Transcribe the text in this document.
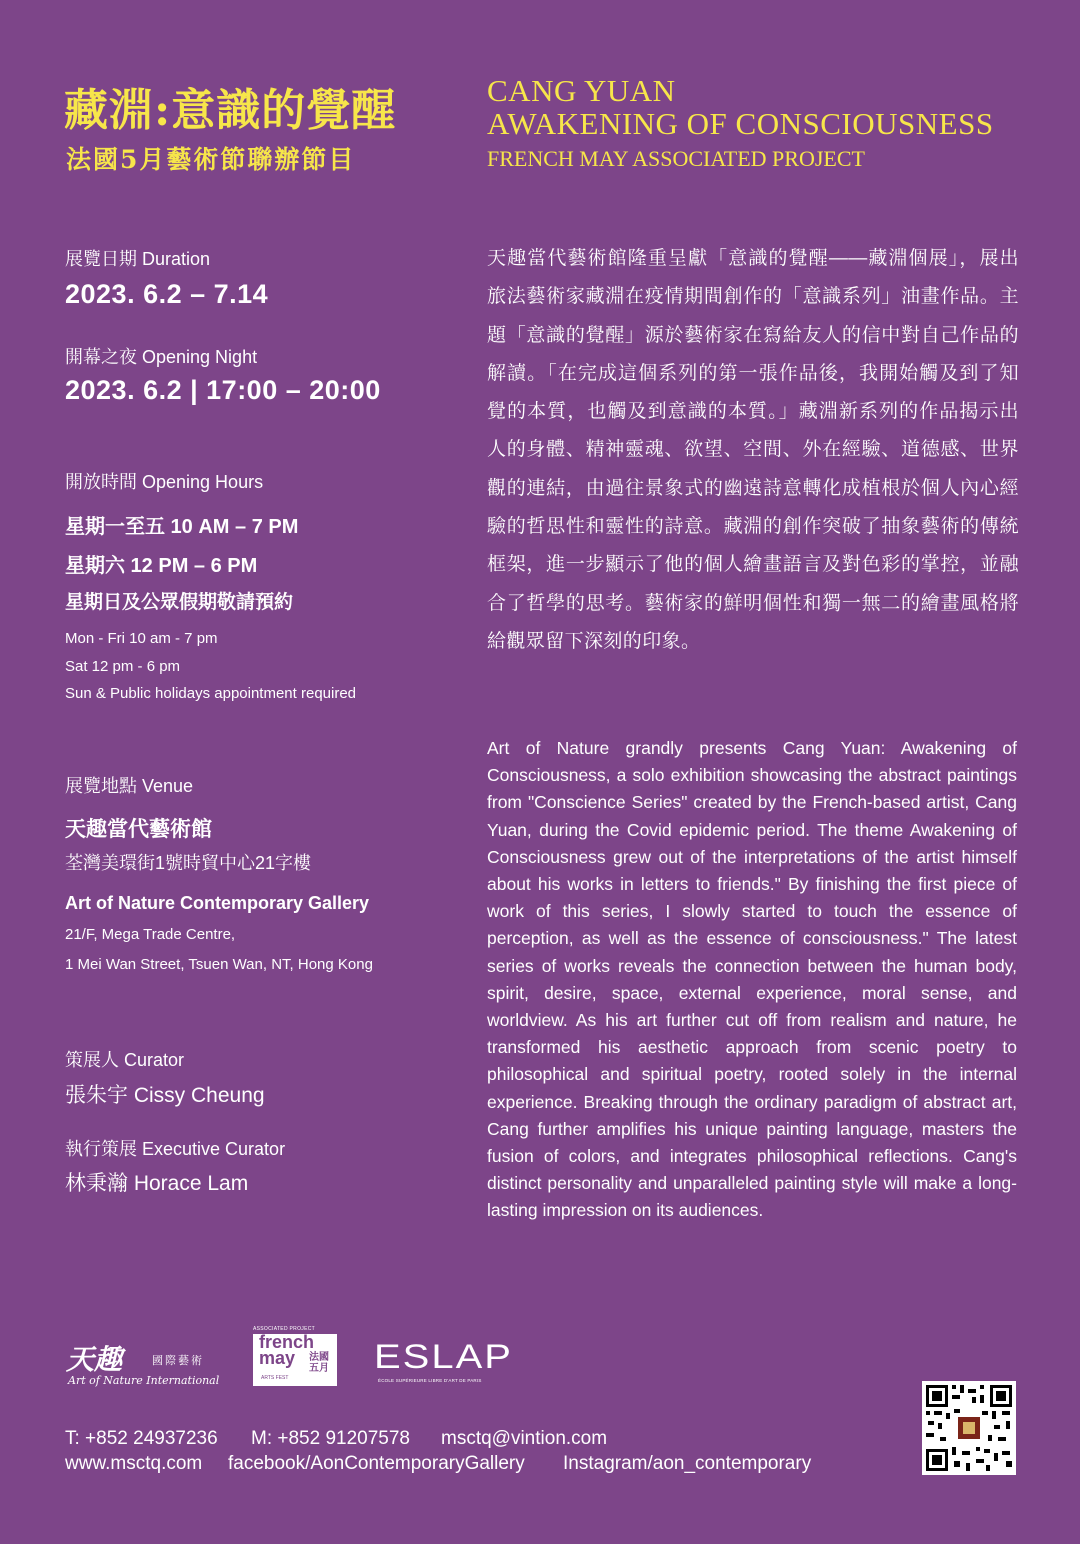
藏淵:意識的覺醒
法國5月藝術節聯辦節目
CANG YUAN
AWAKENING OF CONSCIOUSNESS
FRENCH MAY ASSOCIATED PROJECT
展覽日期 Duration
2023. 6.2 – 7.14
開幕之夜 Opening Night
2023. 6.2 | 17:00 – 20:00
開放時間 Opening Hours
星期一至五 10 AM – 7 PM
星期六 12 PM – 6 PM
星期日及公眾假期敬請預約
Mon - Fri 10 am - 7 pm
Sat 12 pm - 6 pm
Sun & Public holidays appointment required
展覽地點 Venue
天趣當代藝術館
荃灣美環街1號時貿中心21字樓
Art of Nature Contemporary Gallery
21/F, Mega Trade Centre,
1 Mei Wan Street, Tsuen Wan, NT, Hong Kong
策展人 Curator
張朱宇 Cissy Cheung
執行策展 Executive Curator
林秉瀚 Horace Lam
天趣當代藝術館隆重呈獻「意識的覺醒——藏淵個展」，展出旅法藝術家藏淵在疫情期間創作的「意識系列」油畫作品。主題「意識的覺醒」源於藝術家在寫給友人的信中對自己作品的解讀。「在完成這個系列的第一張作品後，我開始觸及到了知覺的本質，也觸及到意識的本質。」藏淵新系列的作品揭示出人的身體、精神靈魂、欲望、空間、外在經驗、道德感、世界觀的連結，由過往景象式的幽遠詩意轉化成植根於個人內心經驗的哲思性和靈性的詩意。藏淵的創作突破了抽象藝術的傳統框架，進一步顯示了他的個人繪畫語言及對色彩的掌控，並融合了哲學的思考。藝術家的鮮明個性和獨一無二的繪畫風格將給觀眾留下深刻的印象。
Art of Nature grandly presents Cang Yuan: Awakening of Consciousness, a solo exhibition showcasing the abstract paintings from "Conscience Series" created by the French-based artist, Cang Yuan, during the Covid epidemic period. The theme Awakening of Consciousness grew out of the interpretations of the artist himself about his works in letters to friends." By finishing the first piece of work of this series, I slowly started to touch the essence of perception, as well as the essence of consciousness." The latest series of works reveals the connection between the human body, spirit, desire, space, external experience, moral sense, and worldview. As his art further cut off from realism and nature, he transformed his aesthetic approach from scenic poetry to philosophical and spiritual poetry, rooted solely in the internal experience. Breaking through the ordinary paradigm of abstract art, Cang further amplifies his unique painting language, masters the fusion of colors, and integrates philosophical reflections. Cang's distinct personality and unparalleled painting style will make a long-lasting impression on its audiences.
天趣	國際藝術
Art of Nature International
ASSOCIATED PROJECT
french
may	法國
五月
ARTS FEST
ESLAP
ÉCOLE SUPÉRIEURE LIBRE D'ART DE PARIS
T: +852 24937236 M: +852 91207578 msctq@vintion.com
www.msctq.com facebook/AonContemporaryGallery Instagram/aon_contemporary
